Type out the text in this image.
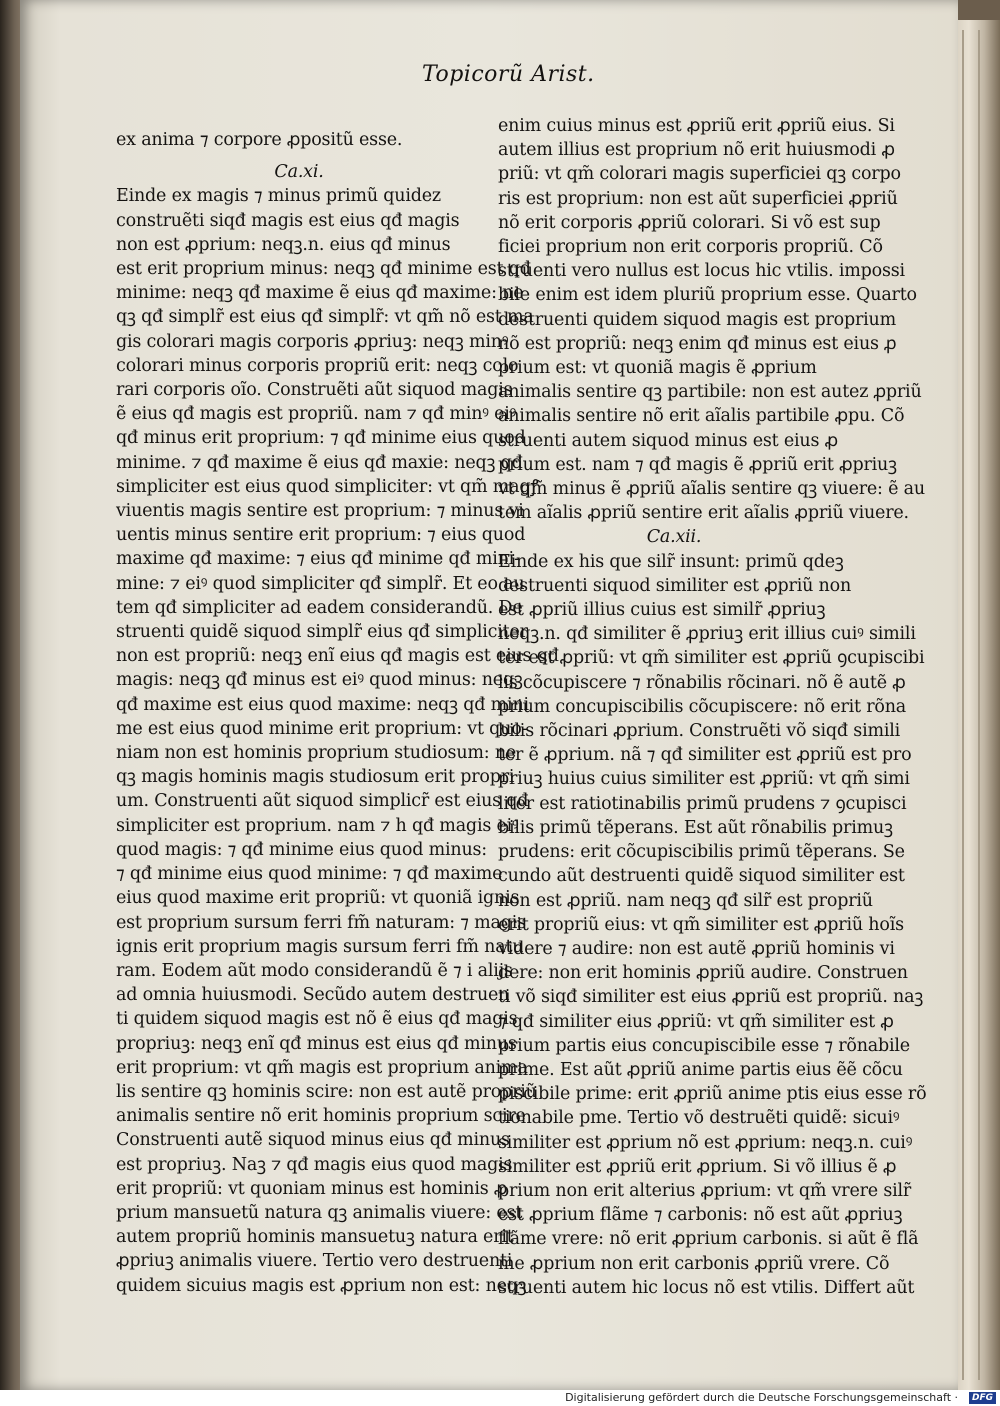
Topicorũ Arist.
ex anima ⁊ corpore ꝓpositũ esse.
Ca.xi.
Einde ex magis ⁊ minus primũ quidez
construẽti siqđ magis est eius qđ magis
non est ꝓprium: neqꝫ.n. eius qđ minus
est erit proprium minus: neqꝫ qđ minime est qđ
minime: neqꝫ qđ maxime ẽ eius qđ maxime: ne
qꝫ qđ simplr̃ est eius qđ simplr̃: vt qm̃ nõ est ma
gis colorari magis corporis ꝓpriuꝫ: neqꝫ minꝰ
colorari minus corporis propriũ erit: neqꝫ colo
rari corporis oĩo. Construẽti aũt siquod magis
ẽ eius qđ magis est propriũ. nam ⁊ qđ minꝰ eiꝰ
qđ minus erit proprium: ⁊ qđ minime eius quod
minime. ⁊ qđ maxime ẽ eius qđ maxie: neqꝫ qđ
simpliciter est eius quod simpliciter: vt qm̃ magꝭ
viuentis magis sentire est proprium: ⁊ minus vi
uentis minus sentire erit proprium: ⁊ eius quod
maxime qđ maxime: ⁊ eius qđ minime qđ mini-
mine: ⁊ eiꝰ quod simpliciter qđ simplr̃. Et eo au
tem qđ simpliciter ad eadem considerandũ. De
struenti quidẽ siquod simplr̃ eius qđ simpliciter
non est propriũ: neqꝫ enĩ eius qđ magis est eius qđ
magis: neqꝫ qđ minus est eiꝰ quod minus: neqꝫ
qđ maxime est eius quod maxime: neqꝫ qđ mini
me est eius quod minime erit proprium: vt quo-
niam non est hominis proprium studiosum: ne
qꝫ magis hominis magis studiosum erit propri
um. Construenti aũt siquod simplicr̃ est eius qđ
simpliciter est proprium. nam ⁊ h qđ magis eiꝰ
quod magis: ⁊ qđ minime eius quod minus:
⁊ qđ minime eius quod minime: ⁊ qđ maxime
eius quod maxime erit propriũ: vt quoniã ignis
est proprium sursum ferri fm̃ naturam: ⁊ magis
ignis erit proprium magis sursum ferri fm̃ natu
ram. Eodem aũt modo considerandũ ẽ ⁊ i alijs
ad omnia huiusmodi. Secũdo autem destruen
ti quidem siquod magis est nõ ẽ eius qđ magis
propriuꝫ: neqꝫ enĩ qđ minus est eius qđ minus
erit proprium: vt qm̃ magis est proprium anima
lis sentire qꝫ hominis scire: non est autẽ propriũ
animalis sentire nõ erit hominis proprium scire
Construenti autẽ siquod minus eius qđ minus
est propriuꝫ. Naꝫ ⁊ qđ magis eius quod magis
erit propriũ: vt quoniam minus est hominis ꝓ
prium mansuetũ natura qꝫ animalis viuere: est
autem propriũ hominis mansuetuꝫ natura erit
ꝓpriuꝫ animalis viuere. Tertio vero destruenti
quidem sicuius magis est ꝓprium non est: neqꝫ
enim cuius minus est ꝓpriũ erit ꝓpriũ eius. Si
autem illius est proprium nõ erit huiusmodi ꝓ
priũ: vt qm̃ colorari magis superficiei qꝫ corpo
ris est proprium: non est aũt superficiei ꝓpriũ
nõ erit corporis ꝓpriũ colorari. Si võ est sup
ficiei proprium non erit corporis propriũ. Cõ
struenti vero nullus est locus hic vtilis. impossi
bile enim est idem pluriũ proprium esse. Quarto
destruenti quidem siquod magis est proprium
nõ est propriũ: neqꝫ enim qđ minus est eius ꝓ
prium est: vt quoniã magis ẽ ꝓprium
animalis sentire qꝫ partibile: non est autez ꝓpriũ
animalis sentire nõ erit aĩalis partibile ꝓpu. Cõ
struenti autem siquod minus est eius ꝓ
prium est. nam ⁊ qđ magis ẽ ꝓpriũ erit ꝓpriuꝫ
vt qm̃ minus ẽ ꝓpriũ aĩalis sentire qꝫ viuere: ẽ au
tem aĩalis ꝓpriũ sentire erit aĩalis ꝓpriũ viuere.
Ca.xii.
Einde ex his que silr̃ insunt: primũ qdeꝫ
destruenti siquod similiter est ꝓpriũ non
est ꝓpriũ illius cuius est similr̃ ꝓpriuꝫ
neqꝫ.n. qđ similiter ẽ ꝓpriuꝫ erit illius cuiꝰ simili
ter est ꝓpriũ: vt qm̃ similiter est ꝓpriũ ꝯcupiscibi
lis cõcupiscere ⁊ rõnabilis rõcinari. nõ ẽ autẽ ꝓ
prium concupiscibilis cõcupiscere: nõ erit rõna
bilis rõcinari ꝓprium. Construẽti võ siqđ simili
ter ẽ ꝓprium. nã ⁊ qđ similiter est ꝓpriũ est pro
priuꝫ huius cuius similiter est ꝓpriũ: vt qm̃ simi
liter est ratiotinabilis primũ prudens ⁊ ꝯcupisci
bilis primũ tẽperans. Est aũt rõnabilis primuꝫ
prudens: erit cõcupiscibilis primũ tẽperans. Se
cundo aũt destruenti quidẽ siquod similiter est
non est ꝓpriũ. nam neqꝫ qđ silr̃ est propriũ
erit propriũ eius: vt qm̃ similiter est ꝓpriũ hoĩs
videre ⁊ audire: non est autẽ ꝓpriũ hominis vi
dere: non erit hominis ꝓpriũ audire. Construen
ti võ siqđ similiter est eius ꝓpriũ est propriũ. naꝫ
⁊ qđ similiter eius ꝓpriũ: vt qm̃ similiter est ꝓ
prium partis eius concupiscibile esse ⁊ rõnabile
prime. Est aũt ꝓpriũ anime partis eius ẽẽ cõcu
piscibile prime: erit ꝓpriũ anime ptis eius esse rõ
tionabile pme. Tertio võ destruẽti quidẽ: sicuiꝰ
similiter est ꝓprium nõ est ꝓprium: neqꝫ.n. cuiꝰ
similiter est ꝓpriũ erit ꝓprium. Si võ illius ẽ ꝓ
prium non erit alterius ꝓprium: vt qm̃ vrere silr̃
est ꝓprium flãme ⁊ carbonis: nõ est aũt ꝓpriuꝫ
flãme vrere: nõ erit ꝓprium carbonis. si aũt ẽ flã
me ꝓprium non erit carbonis ꝓpriũ vrere. Cõ
struenti autem hic locus nõ est vtilis. Differt aũt
Digitalisierung gefördert durch die Deutsche Forschungsgemeinschaft ·	DFG
